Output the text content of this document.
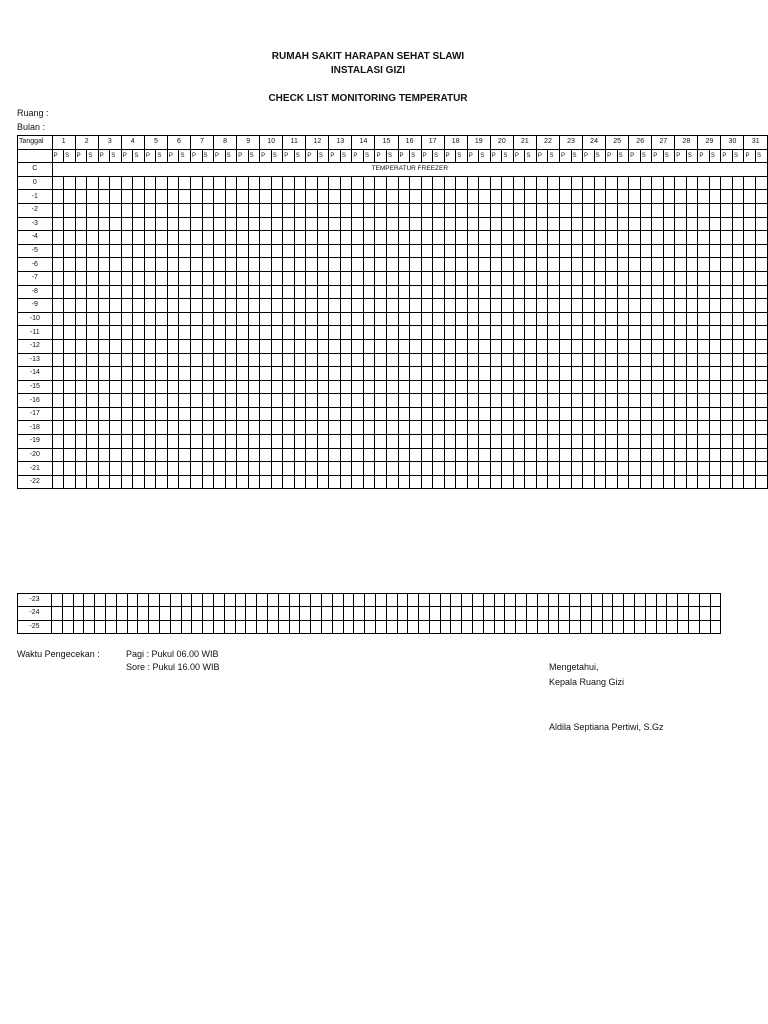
RUMAH SAKIT HARAPAN SEHAT SLAWI
INSTALASI GIZI
CHECK LIST MONITORING TEMPERATUR
Ruang :
Bulan :
Tanggal	1		2		3		4		5		6		7		8		9		10		11		12		13		14		15		16		17		18		19		20		21		22		23		24		25		26		27		28		29		30		31	
	P	S	P	S	P	S	P	S	P	S	P	S	P	S	P	S	P	S	P	S	P	S	P	S	P	S	P	S	P	S	P	S	P	S	P	S	P	S	P	S	P	S	P	S	P	S	P	S	P	S	P	S	P	S	P	S	P	S	P	S	P	S
C	TEMPERATUR FREEZER																																																													
0																																																														
-1																																																														
-2																																																														
-3																																																														
-4																																																														
-5																																																														
-6																																																														
-7																																																														
-8																																																														
-9																																																														
-10																																																														
-11																																																														
-12																																																														
-13																																																														
-14																																																														
-15																																																														
-16																																																														
-17																																																														
-18																																																														
-19																																																														
-20																																																														
-21																																																														
-22																																																														
-23																																																														
-24																																																														
-25																																																														
Waktu Pengecekan :	Pagi : Pukul 06.00 WIB
Sore : Pukul 16.00 WIB	Mengetahui,
Kepala Ruang Gizi
Aldila Septiana Pertiwi, S.Gz
